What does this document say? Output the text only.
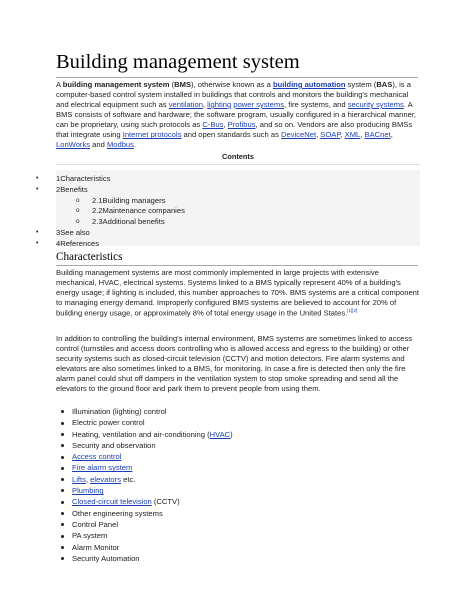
Building management system

A building management system (BMS), otherwise known as a building automation system (BAS), is a computer-based control system installed in buildings that controls and monitors the building's mechanical and electrical equipment such as ventilation, lighting power systems, fire systems, and security systems. A BMS consists of software and hardware; the software program, usually configured in a hierarchical manner, can be proprietary, using such protocols as C-Bus, Profibus, and so on. Vendors are also producing BMSs that integrate using Internet protocols and open standards such as DeviceNet, SOAP, XML, BACnet, LonWorks and Modbus.

Contents
• 1Characteristics
• 2Benefits
o 2.1Building managers
o 2.2Maintenance companies
o 2.3Additional benefits
• 3See also
• 4References
Characteristics

Building management systems are most commonly implemented in large projects with extensive mechanical, HVAC, electrical systems. Systems linked to a BMS typically represent 40% of a building's energy usage; if lighting is included, this number approaches to 70%. BMS systems are a critical component to managing energy demand. Improperly configured BMS systems are believed to account for 20% of building energy usage, or approximately 8% of total energy usage in the United States.[1][2]

In addition to controlling the building's internal environment, BMS systems are sometimes linked to access control (turnstiles and access doors controlling who is allowed access and egress to the building) or other security systems such as closed-circuit television (CCTV) and motion detectors. Fire alarm systems and elevators are also sometimes linked to a BMS, for monitoring. In case a fire is detected then only the fire alarm panel could shut off dampers in the ventilation system to stop smoke spreading and send all the elevators to the ground floor and park them to prevent people from using them.

Illumination (lighting) control
Electric power control
Heating, ventilation and air-conditioning (HVAC)
Security and observation
Access control
Fire alarm system
Lifts, elevators etc.
Plumbing
Closed-circuit television (CCTV)
Other engineering systems
Control Panel
PA system
Alarm Monitor
Security Automation
